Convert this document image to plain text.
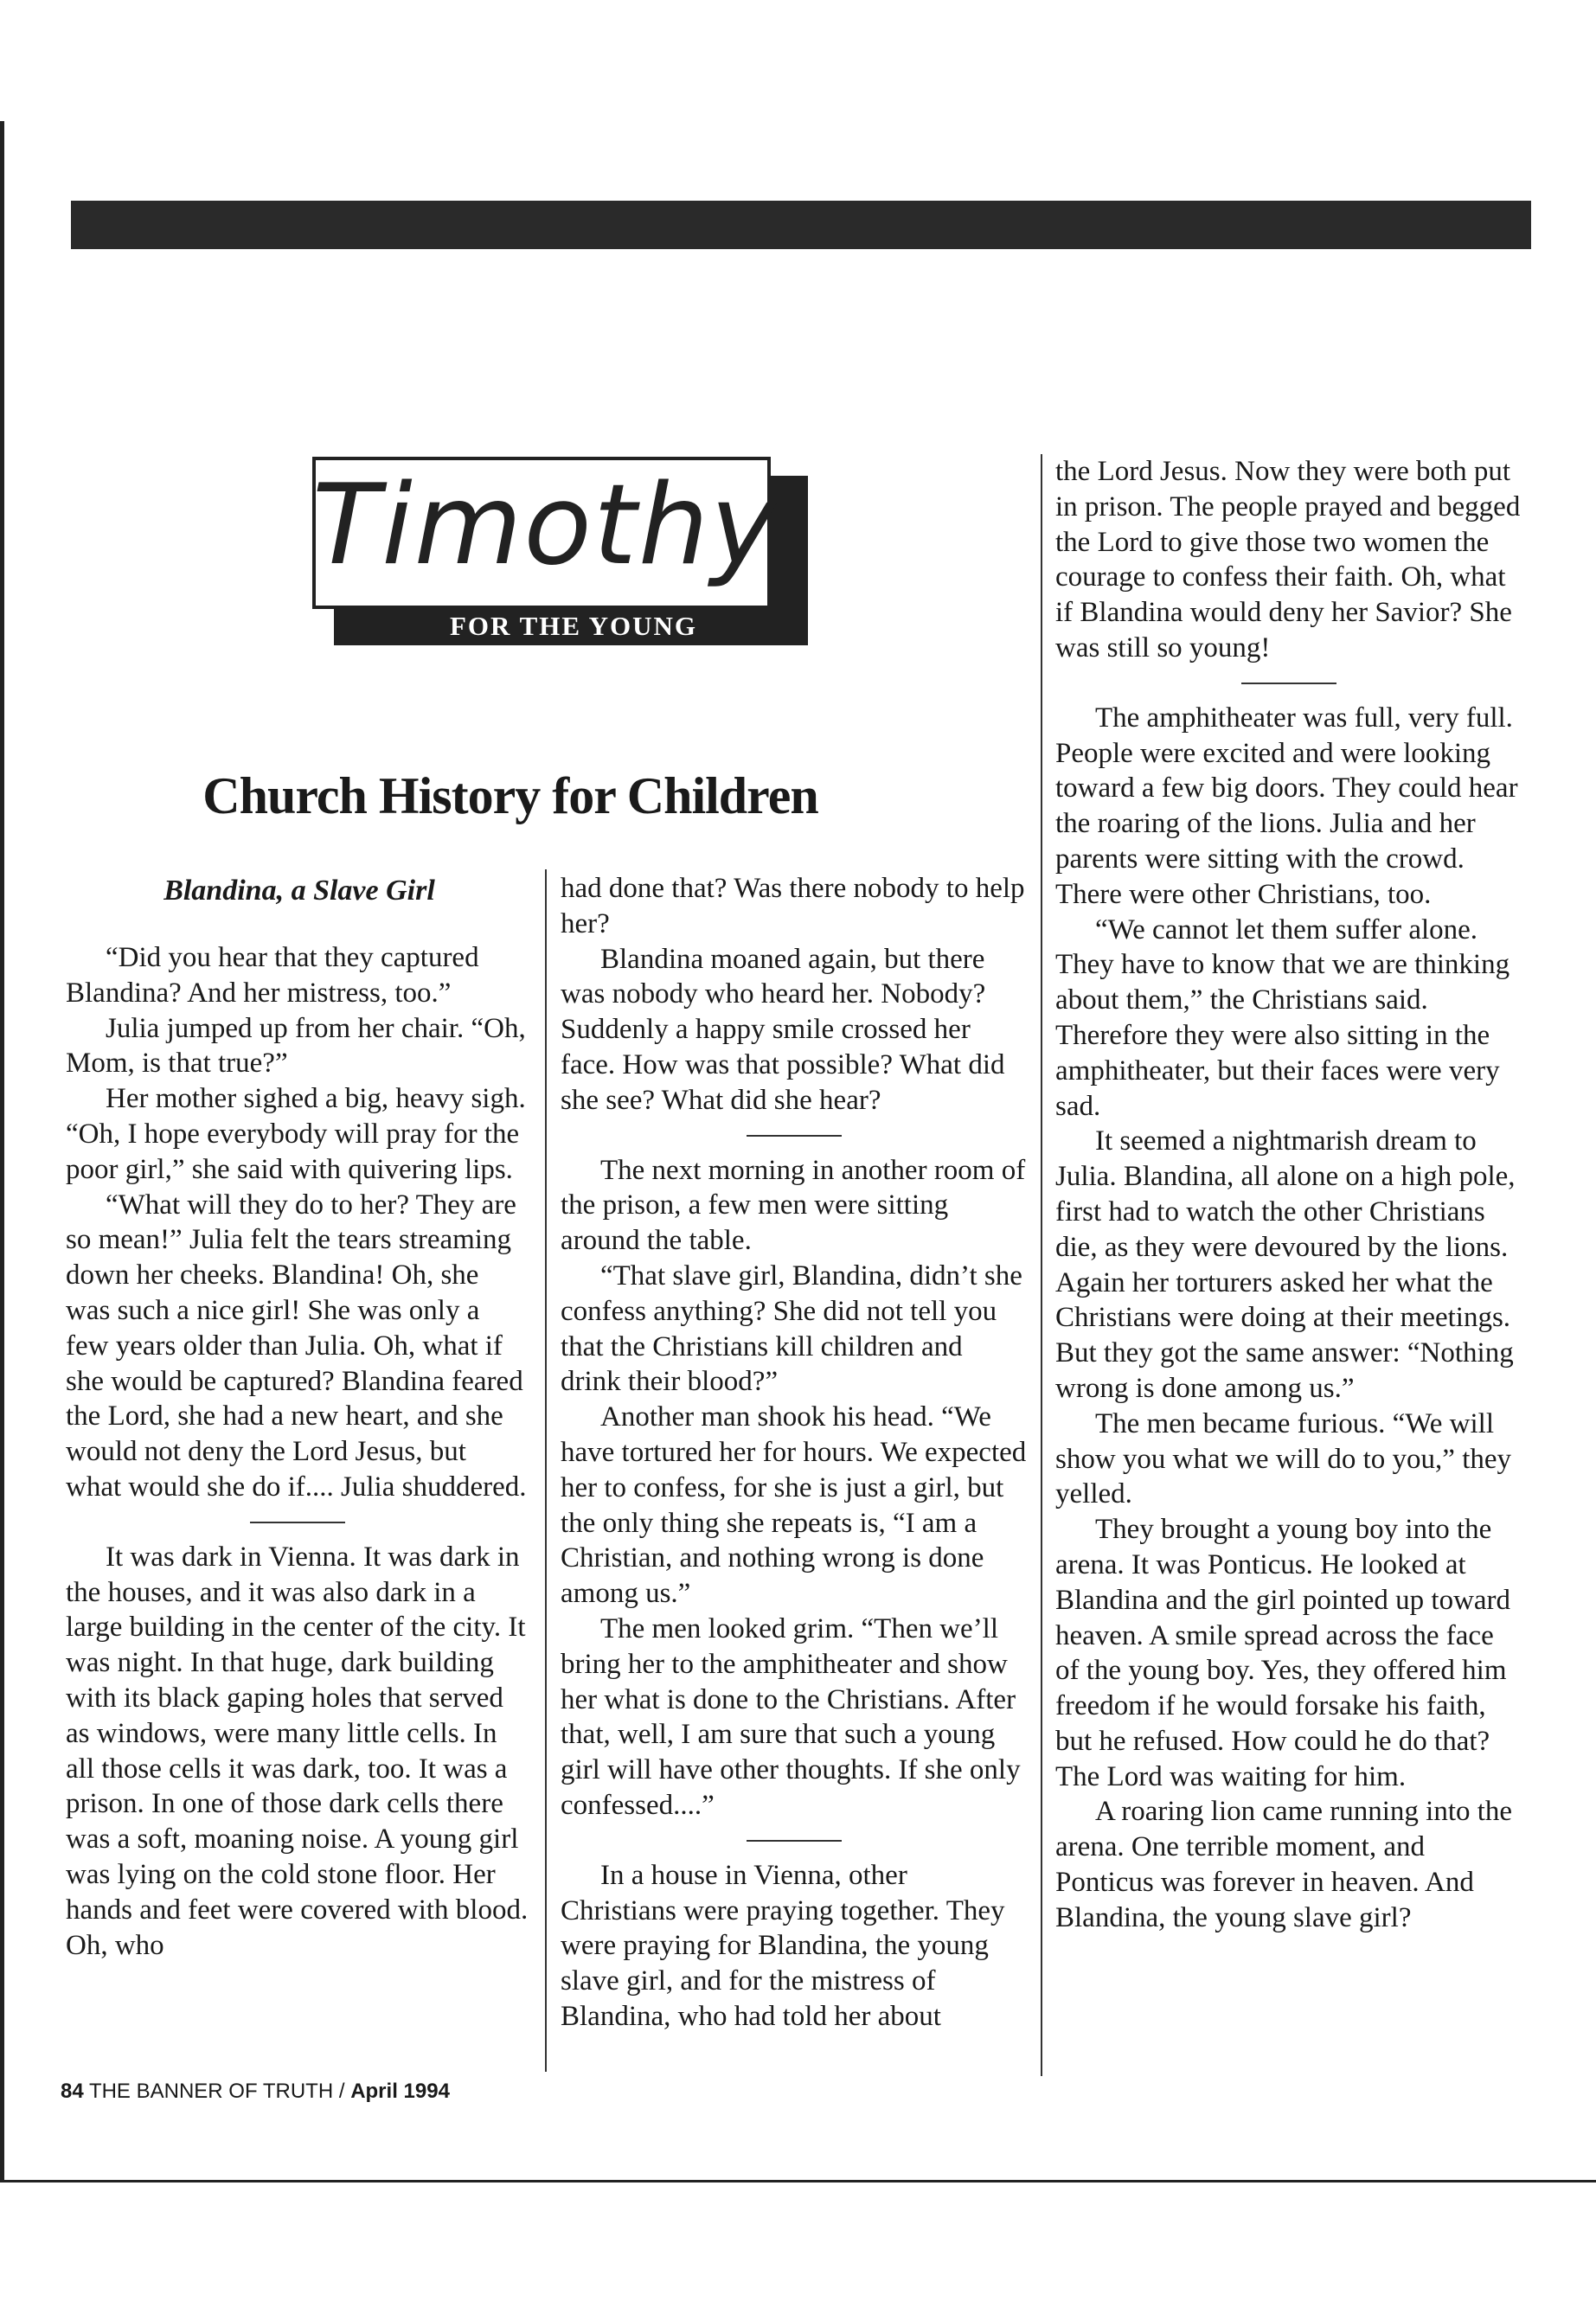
Timothy
FOR THE YOUNG
Church History for Children
Blandina, a Slave Girl

“Did you hear that they captured Blandina? And her mistress, too.”

Julia jumped up from her chair. “Oh, Mom, is that true?”

Her mother sighed a big, heavy sigh. “Oh, I hope everybody will pray for the poor girl,” she said with quivering lips.

“What will they do to her? They are so mean!” Julia felt the tears streaming down her cheeks. Blandina! Oh, she was such a nice girl! She was only a few years older than Julia. Oh, what if she would be captured? Blandina feared the Lord, she had a new heart, and she would not deny the Lord Jesus, but what would she do if.... Julia shuddered.

It was dark in Vienna. It was dark in the houses, and it was also dark in a large building in the center of the city. It was night. In that huge, dark building with its black gaping holes that served as windows, were many little cells. In all those cells it was dark, too. It was a prison. In one of those dark cells there was a soft, moaning noise. A young girl was lying on the cold stone floor. Her hands and feet were covered with blood. Oh, who

had done that? Was there nobody to help her?

Blandina moaned again, but there was nobody who heard her. Nobody? Suddenly a happy smile crossed her face. How was that possible? What did she see? What did she hear?

The next morning in another room of the prison, a few men were sitting around the table.

“That slave girl, Blandina, didn’t she confess anything? She did not tell you that the Christians kill children and drink their blood?”

Another man shook his head. “We have tortured her for hours. We expected her to confess, for she is just a girl, but the only thing she repeats is, “I am a Christian, and nothing wrong is done among us.”

The men looked grim. “Then we’ll bring her to the amphitheater and show her what is done to the Christians. After that, well, I am sure that such a young girl will have other thoughts. If she only confessed....”

In a house in Vienna, other Christians were praying together. They were praying for Blandina, the young slave girl, and for the mistress of Blandina, who had told her about

the Lord Jesus. Now they were both put in prison. The people prayed and begged the Lord to give those two women the courage to confess their faith. Oh, what if Blandina would deny her Savior? She was still so young!

The amphitheater was full, very full. People were excited and were looking toward a few big doors. They could hear the roaring of the lions. Julia and her parents were sitting with the crowd. There were other Christians, too.

“We cannot let them suffer alone. They have to know that we are thinking about them,” the Christians said. Therefore they were also sitting in the amphitheater, but their faces were very sad.

It seemed a nightmarish dream to Julia. Blandina, all alone on a high pole, first had to watch the other Christians die, as they were devoured by the lions. Again her torturers asked her what the Christians were doing at their meetings. But they got the same answer: “Nothing wrong is done among us.”

The men became furious. “We will show you what we will do to you,” they yelled.

They brought a young boy into the arena. It was Ponticus. He looked at Blandina and the girl pointed up toward heaven. A smile spread across the face of the young boy. Yes, they offered him freedom if he would forsake his faith, but he refused. How could he do that? The Lord was waiting for him.

A roaring lion came running into the arena. One terrible moment, and Ponticus was forever in heaven. And Blandina, the young slave girl?

84 THE BANNER OF TRUTH / April 1994
